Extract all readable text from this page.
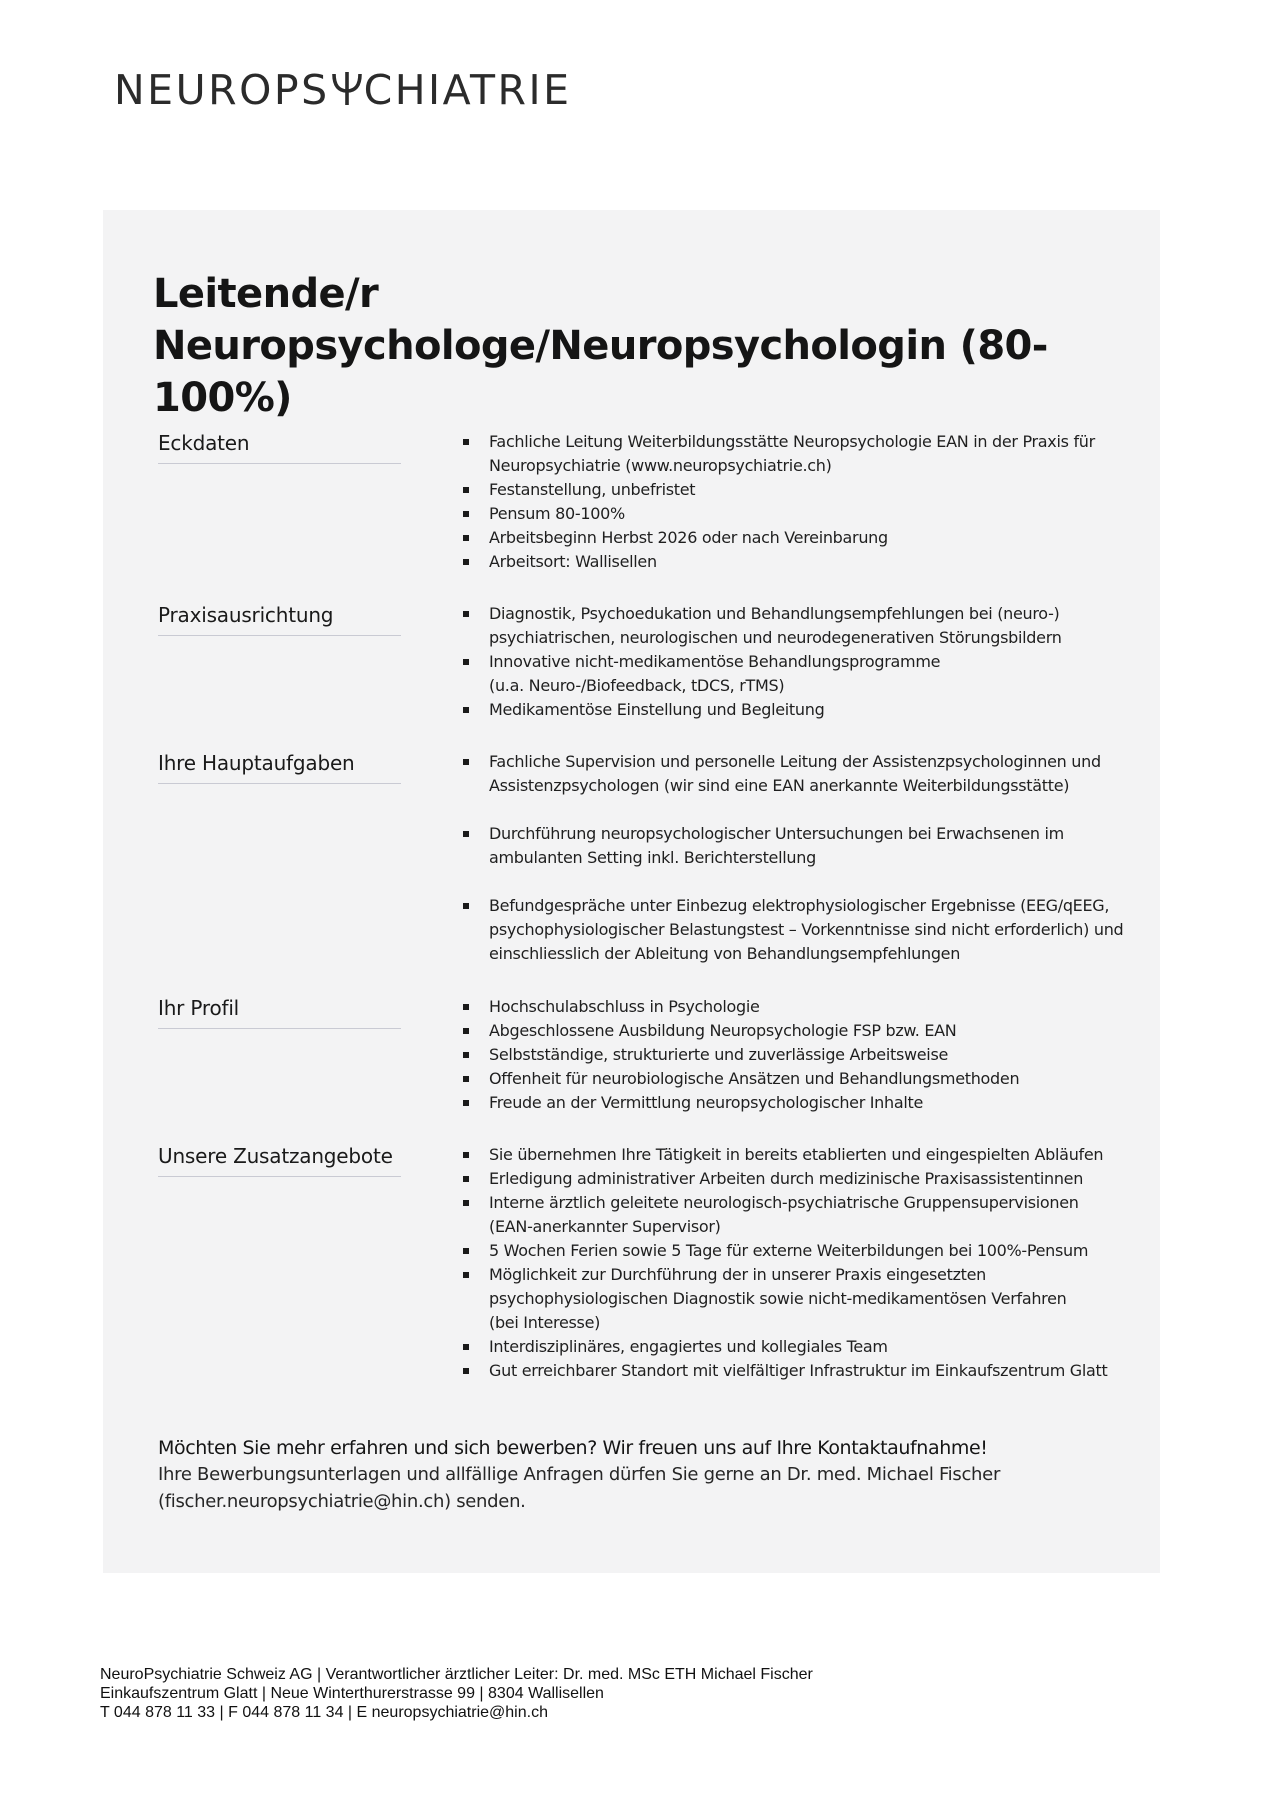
NEUROPS CHIATRIE
Leitende/r Neuropsychologe/Neuropsychologin (80-100%)
Eckdaten	Fachliche Leitung Weiterbildungsstätte Neuropsychologie EAN in der Praxis für
Neuropsychiatrie (www.neuropsychiatrie.ch)
Festanstellung, unbefristet
Pensum 80-100%
Arbeitsbeginn Herbst 2026 oder nach Vereinbarung
Arbeitsort: Wallisellen
Praxisausrichtung	Diagnostik, Psychoedukation und Behandlungsempfehlungen bei (neuro-)
psychiatrischen, neurologischen und neurodegenerativen Störungsbildern
Innovative nicht-medikamentöse Behandlungsprogramme
(u.a. Neuro-/Biofeedback, tDCS, rTMS)
Medikamentöse Einstellung und Begleitung
Ihre Hauptaufgaben	Fachliche Supervision und personelle Leitung der Assistenzpsychologinnen und
Assistenzpsychologen (wir sind eine EAN anerkannte Weiterbildungsstätte)
Durchführung neuropsychologischer Untersuchungen bei Erwachsenen im
ambulanten Setting inkl. Berichterstellung
Befundgespräche unter Einbezug elektrophysiologischer Ergebnisse (EEG/qEEG,
psychophysiologischer Belastungstest – Vorkenntnisse sind nicht erforderlich) und
einschliesslich der Ableitung von Behandlungsempfehlungen
Ihr Profil	Hochschulabschluss in Psychologie
Abgeschlossene Ausbildung Neuropsychologie FSP bzw. EAN
Selbstständige, strukturierte und zuverlässige Arbeitsweise
Offenheit für neurobiologische Ansätzen und Behandlungsmethoden
Freude an der Vermittlung neuropsychologischer Inhalte
Unsere Zusatzangebote	Sie übernehmen Ihre Tätigkeit in bereits etablierten und eingespielten Abläufen
Erledigung administrativer Arbeiten durch medizinische Praxisassistentinnen
Interne ärztlich geleitete neurologisch-psychiatrische Gruppensupervisionen
(EAN-anerkannter Supervisor)
5 Wochen Ferien sowie 5 Tage für externe Weiterbildungen bei 100%-Pensum
Möglichkeit zur Durchführung der in unserer Praxis eingesetzten
psychophysiologischen Diagnostik sowie nicht-medikamentösen Verfahren
(bei Interesse)
Interdisziplinäres, engagiertes und kollegiales Team
Gut erreichbarer Standort mit vielfältiger Infrastruktur im Einkaufszentrum Glatt
Möchten Sie mehr erfahren und sich bewerben? Wir freuen uns auf Ihre Kontaktaufnahme!
Ihre Bewerbungsunterlagen und allfällige Anfragen dürfen Sie gerne an Dr. med. Michael Fischer (fischer.neuropsychiatrie@hin.ch) senden.
NeuroPsychiatrie Schweiz AG | Verantwortlicher ärztlicher Leiter: Dr. med. MSc ETH Michael Fischer
Einkaufszentrum Glatt | Neue Winterthurerstrasse 99 | 8304 Wallisellen
T 044 878 11 33 | F 044 878 11 34 | E neuropsychiatrie@hin.ch
